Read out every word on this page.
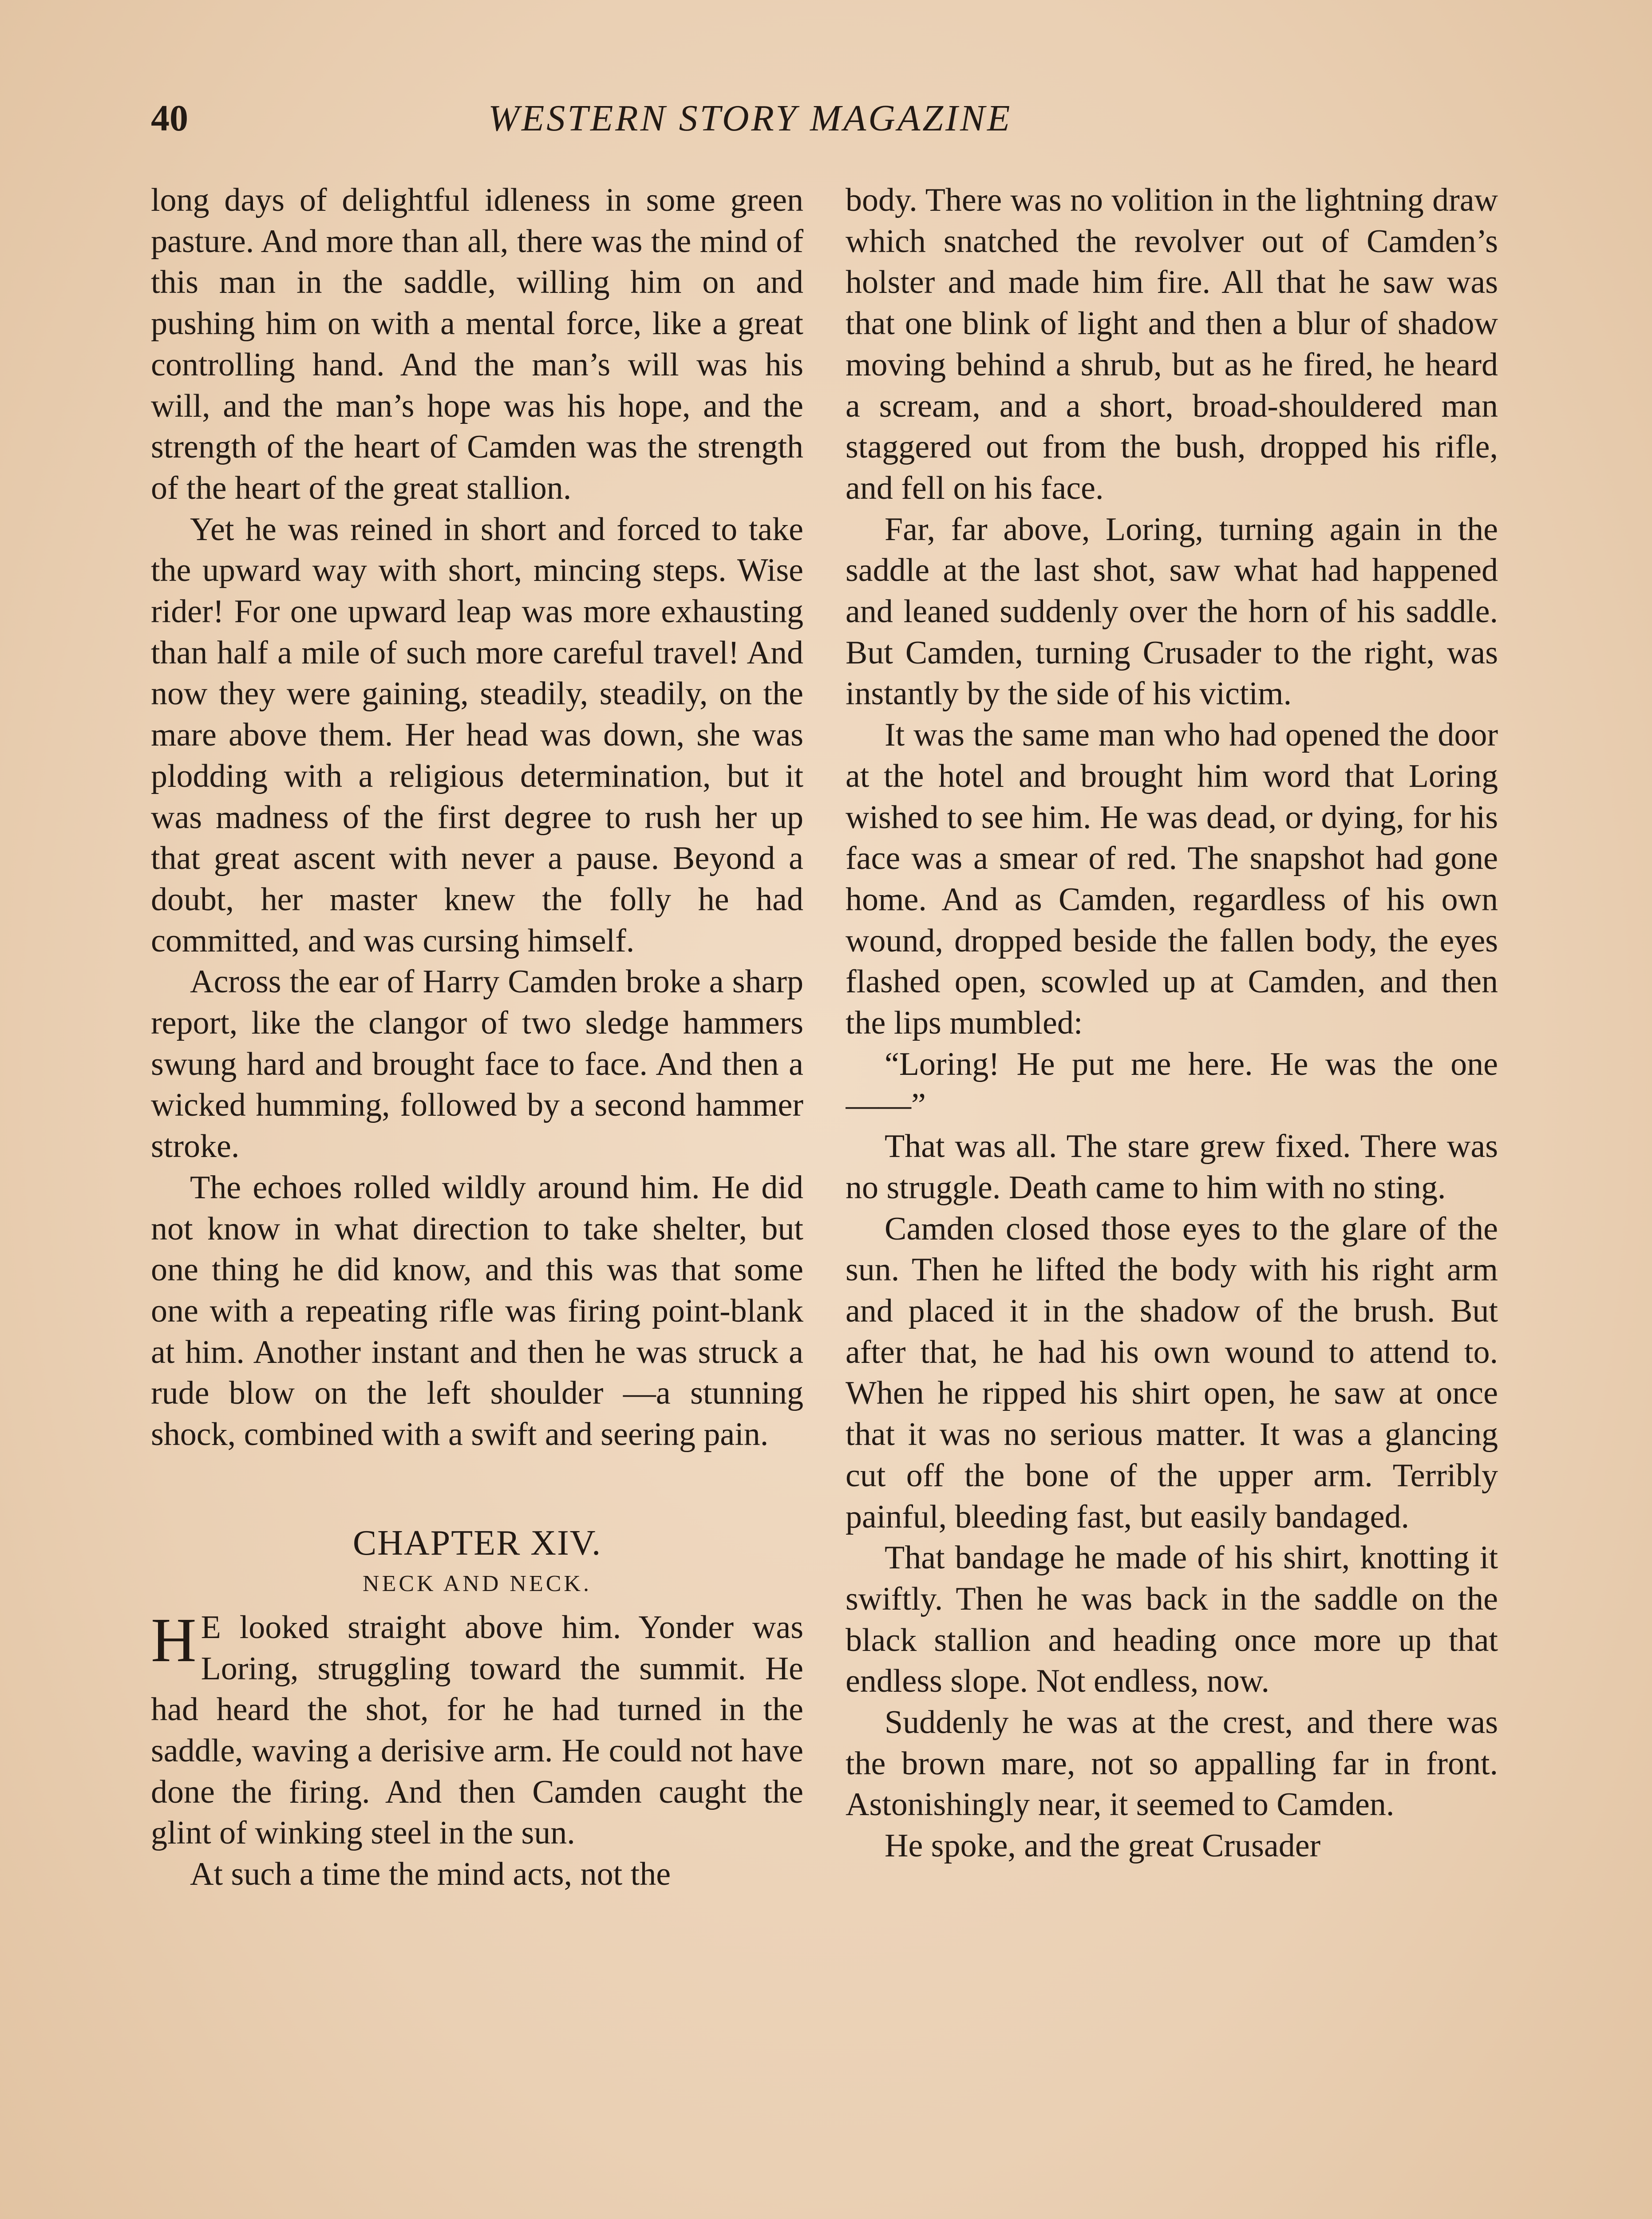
40	WESTERN STORY MAGAZINE

long days of delightful idleness in some green pasture. And more than all, there was the mind of this man in the saddle, willing him on and pushing him on with a mental force, like a great controlling hand. And the man’s will was his will, and the man’s hope was his hope, and the strength of the heart of Camden was the strength of the heart of the great stallion.

Yet he was reined in short and forced to take the upward way with short, mincing steps. Wise rider! For one upward leap was more exhausting than half a mile of such more careful travel! And now they were gaining, steadily, steadily, on the mare above them. Her head was down, she was plodding with a religious determination, but it was madness of the first degree to rush her up that great ascent with never a pause. Beyond a doubt, her master knew the folly he had committed, and was cursing himself.

Across the ear of Harry Camden broke a sharp report, like the clangor of two sledge hammers swung hard and brought face to face. And then a wicked humming, followed by a second hammer stroke.

The echoes rolled wildly around him. He did not know in what direction to take shelter, but one thing he did know, and this was that some one with a repeating rifle was firing point-blank at him. Another instant and then he was struck a rude blow on the left shoulder —a stunning shock, combined with a swift and seering pain.

CHAPTER XIV.
NECK AND NECK.

H E looked straight above him. Yonder was Loring, struggling toward the summit. He had heard the shot, for he had turned in the saddle, waving a derisive arm. He could not have done the firing. And then Camden caught the glint of winking steel in the sun.

At such a time the mind acts, not the

body. There was no volition in the lightning draw which snatched the revolver out of Camden’s holster and made him fire. All that he saw was that one blink of light and then a blur of shadow moving behind a shrub, but as he fired, he heard a scream, and a short, broad-shouldered man staggered out from the bush, dropped his rifle, and fell on his face.

Far, far above, Loring, turning again in the saddle at the last shot, saw what had happened and leaned suddenly over the horn of his saddle. But Camden, turning Crusader to the right, was instantly by the side of his victim.

It was the same man who had opened the door at the hotel and brought him word that Loring wished to see him. He was dead, or dying, for his face was a smear of red. The snapshot had gone home. And as Camden, regardless of his own wound, dropped beside the fallen body, the eyes flashed open, scowled up at Camden, and then the lips mumbled:

“Loring! He put me here. He was the one——”

That was all. The stare grew fixed. There was no struggle. Death came to him with no sting.

Camden closed those eyes to the glare of the sun. Then he lifted the body with his right arm and placed it in the shadow of the brush. But after that, he had his own wound to attend to. When he ripped his shirt open, he saw at once that it was no serious matter. It was a glancing cut off the bone of the upper arm. Terribly painful, bleeding fast, but easily bandaged.

That bandage he made of his shirt, knotting it swiftly. Then he was back in the saddle on the black stallion and heading once more up that endless slope. Not endless, now.

Suddenly he was at the crest, and there was the brown mare, not so appalling far in front. Astonishingly near, it seemed to Camden.

He spoke, and the great Crusader
